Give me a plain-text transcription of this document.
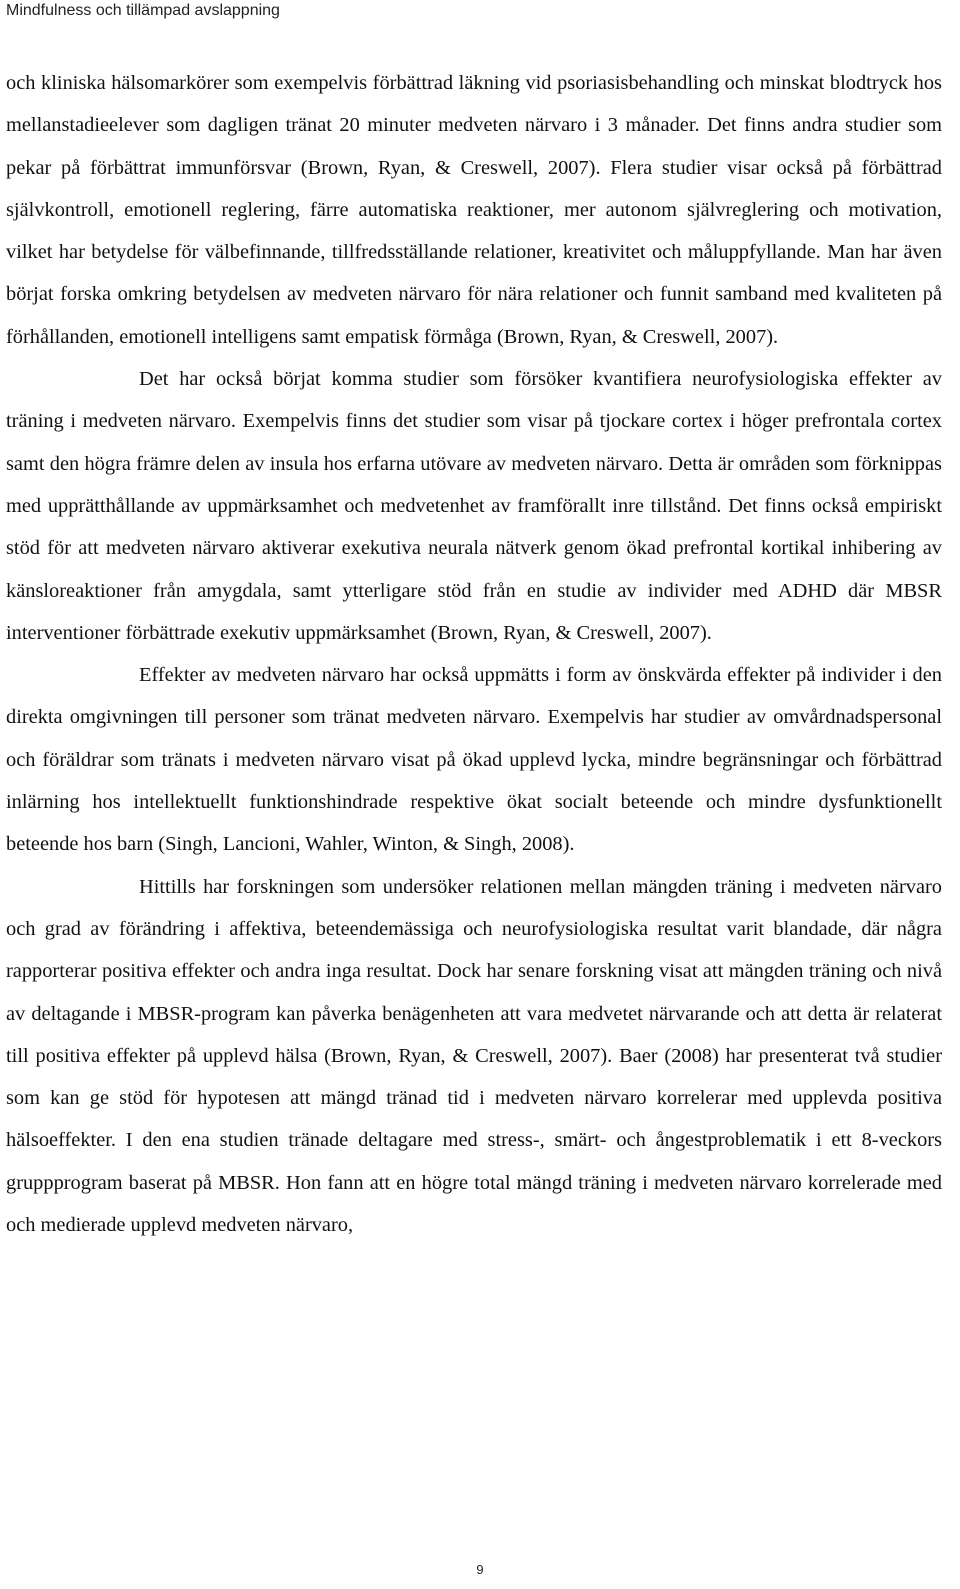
Mindfulness och tillämpad avslappning

och kliniska hälsomarkörer som exempelvis förbättrad läkning vid psoriasisbehandling och minskat blodtryck hos mellanstadieelever som dagligen tränat 20 minuter medveten närvaro i 3 månader. Det finns andra studier som pekar på förbättrat immunförsvar (Brown, Ryan, & Creswell, 2007). Flera studier visar också på förbättrad självkontroll, emotionell reglering, färre automatiska reaktioner, mer autonom självreglering och motivation, vilket har betydelse för välbefinnande, tillfredsställande relationer, kreativitet och måluppfyllande. Man har även börjat forska omkring betydelsen av medveten närvaro för nära relationer och funnit samband med kvaliteten på förhållanden, emotionell intelligens samt empatisk förmåga (Brown, Ryan, & Creswell, 2007).

Det har också börjat komma studier som försöker kvantifiera neurofysiologiska effekter av träning i medveten närvaro. Exempelvis finns det studier som visar på tjockare cortex i höger prefrontala cortex samt den högra främre delen av insula hos erfarna utövare av medveten närvaro. Detta är områden som förknippas med upprätthållande av uppmärksamhet och medvetenhet av framförallt inre tillstånd. Det finns också empiriskt stöd för att medveten närvaro aktiverar exekutiva neurala nätverk genom ökad prefrontal kortikal inhibering av känsloreaktioner från amygdala, samt ytterligare stöd från en studie av individer med ADHD där MBSR interventioner förbättrade exekutiv uppmärksamhet (Brown, Ryan, & Creswell, 2007).

Effekter av medveten närvaro har också uppmätts i form av önskvärda effekter på individer i den direkta omgivningen till personer som tränat medveten närvaro. Exempelvis har studier av omvårdnadspersonal och föräldrar som tränats i medveten närvaro visat på ökad upplevd lycka, mindre begränsningar och förbättrad inlärning hos intellektuellt funktionshindrade respektive ökat socialt beteende och mindre dysfunktionellt beteende hos barn (Singh, Lancioni, Wahler, Winton, & Singh, 2008).

Hittills har forskningen som undersöker relationen mellan mängden träning i medveten närvaro och grad av förändring i affektiva, beteendemässiga och neurofysiologiska resultat varit blandade, där några rapporterar positiva effekter och andra inga resultat. Dock har senare forskning visat att mängden träning och nivå av deltagande i MBSR-program kan påverka benägenheten att vara medvetet närvarande och att detta är relaterat till positiva effekter på upplevd hälsa (Brown, Ryan, & Creswell, 2007). Baer (2008) har presenterat två studier som kan ge stöd för hypotesen att mängd tränad tid i medveten närvaro korrelerar med upplevda positiva hälsoeffekter. I den ena studien tränade deltagare med stress-, smärt- och ångestproblematik i ett 8-veckors gruppprogram baserat på MBSR. Hon fann att en högre total mängd träning i medveten närvaro korrelerade med och medierade upplevd medveten närvaro,

9
